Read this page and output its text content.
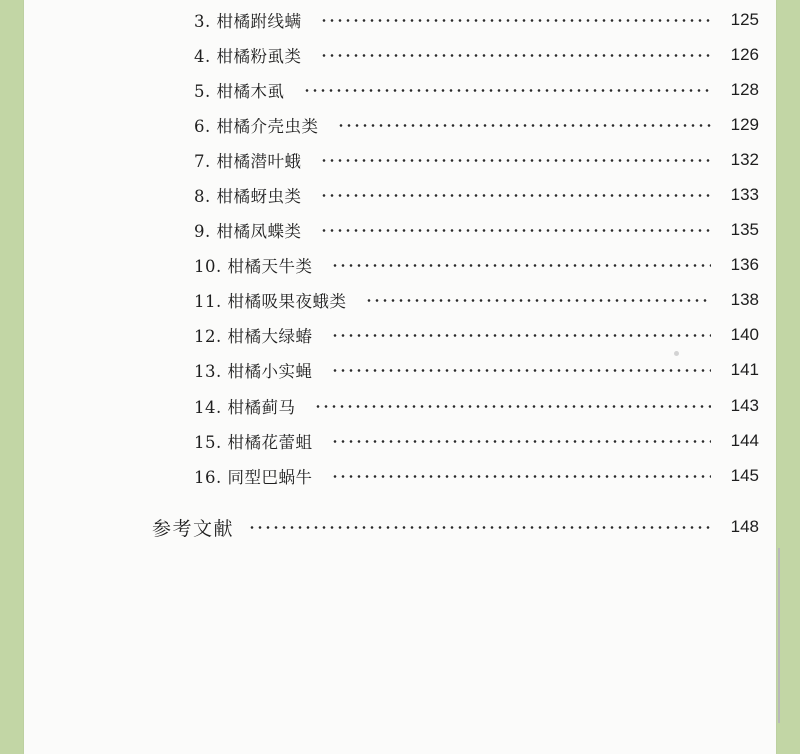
3. 柑橘跗线螨	125
4. 柑橘粉虱类	126
5. 柑橘木虱	128
6. 柑橘介壳虫类	129
7. 柑橘潜叶蛾	132
8. 柑橘蚜虫类	133
9. 柑橘凤蝶类	135
10. 柑橘天牛类	136
11. 柑橘吸果夜蛾类	138
12. 柑橘大绿蝽	140
13. 柑橘小实蝇	141
14. 柑橘蓟马	143
15. 柑橘花蕾蛆	144
16. 同型巴蜗牛	145
参考文献	148
